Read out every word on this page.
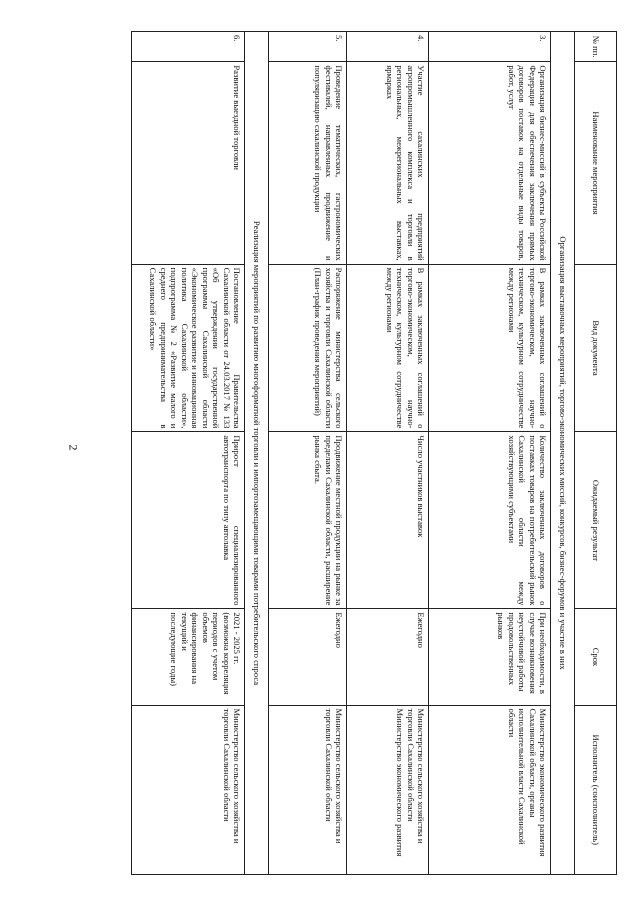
2
№ пп.	Наименование мероприятия	Вид документа	Ожидаемый результат	Срок	Исполнитель (соисполнитель)
Организация выставочных мероприятий, торгово-экономических миссий, конкурсов, бизнес-форумов и участие в них					
3.	Организация бизнес-миссий в субъекты Российской Федерации для обеспечения заключения прямых договоров поставок на отдельные виды товаров, работ, услуг	В рамках заключенных соглашений о торгово-экономическом, научно-техническом, культурном сотрудничестве между регионами	Количество заключенных договоров о поставках товаров на потребительский рынок Сахалинской области между хозяйствующими субъектами	При необходимости, в случае возникновения неустойчивой работы продовольственных рынков	Министерство экономического развития Сахалинской области, органы исполнительной власти Сахалинской области
4.	Участие сахалинских предприятий агропромышленного комплекса и торговли в региональных, межрегиональных выставках, ярмарках	В рамках заключенных соглашений о торгово-экономическом, научно-техническом, культурном сотрудничестве между регионами	Число участников выставок	Ежегодно	Министерство сельского хозяйства и торговли Сахалинской области Министерство экономического развития
5.	Проведение тематических, гастрономических фестивалей, направленных продвижение и популяризацию сахалинской продукции	Распоряжение министерства сельского хозяйства и торговли Сахалинской области (План-график проведения мероприятий)	Продвижение местной продукции на рынке за пределами Сахалинской области, расширение рынка сбыта.	Ежегодно	Министерство сельского хозяйства и торговли Сахалинской области
Реализация мероприятий по развитию многоформатной торговли и импортозамещающими товарами потребительского спроса					
6.	Развитие выездной торговли	Постановление Правительства Сахалинской области от 24.03.2017 № 133 «Об утверждении государственной программы Сахалинской области «Экономическое развитие и инновационная политика Сахалинской области», подпрограмма № 2 «Развитие малого и среднего предпринимательства в Сахалинской области»	Прирост специализированного автотранспорта по типу автолавка	2021 - 2025 гг. (возможна корреляция периодов с учетом объемов финансирования на текущий и последующие годы)	Министерство сельского хозяйства и торговли Сахалинской области
